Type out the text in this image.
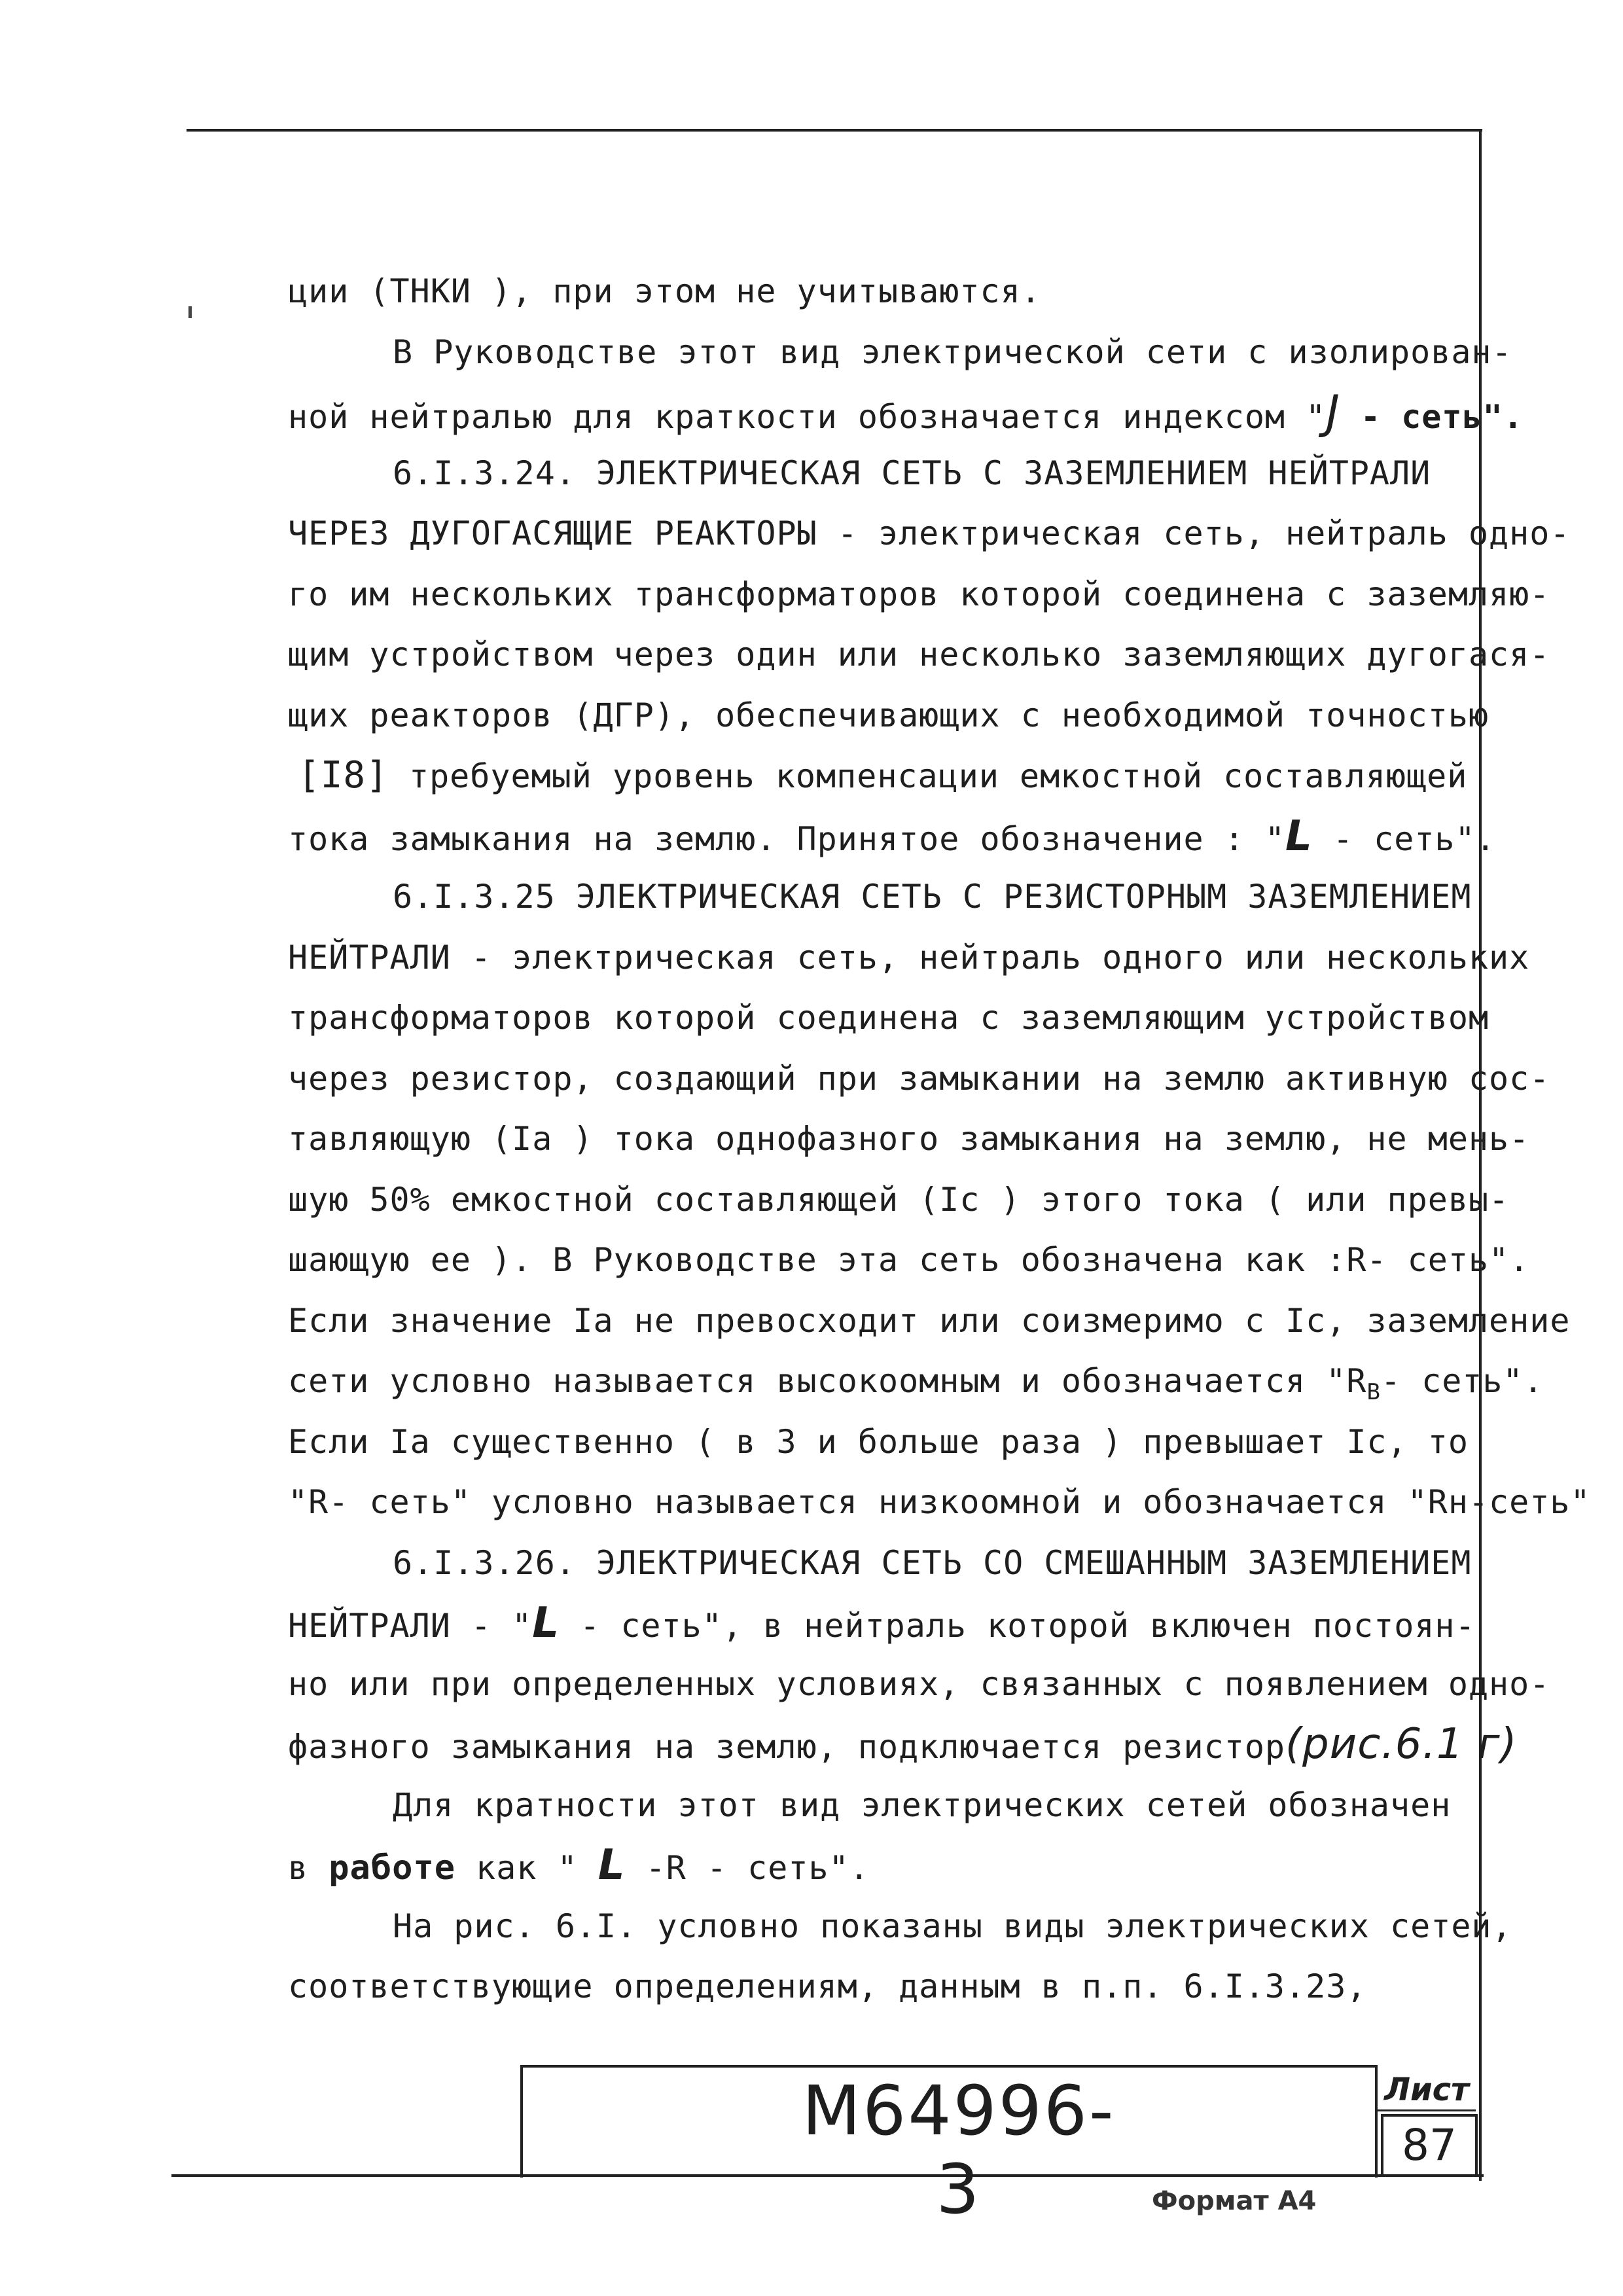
ции (ТНКИ ), при этом не учитываются.

В Руководстве этот вид электрической сети с изолирован-

ной нейтралью для краткости обозначается индексом "J - сеть".

6.I.3.24. ЭЛЕКТРИЧЕСКАЯ СЕТЬ С ЗАЗЕМЛЕНИЕМ НЕЙТРАЛИ

ЧЕРЕЗ ДУГОГАСЯЩИЕ РЕАКТОРЫ - электрическая сеть, нейтраль одно-

го им нескольких трансформаторов которой соединена с заземляю-

щим устройством через один или несколько заземляющих дугогася-

щих реакторов (ДГР), обеспечивающих с необходимой точностью

[I8] требуемый уровень компенсации емкостной составляющей

тока замыкания на землю. Принятое обозначение : "L - сеть".

6.I.3.25 ЭЛЕКТРИЧЕСКАЯ СЕТЬ С РЕЗИСТОРНЫМ ЗАЗЕМЛЕНИЕМ

НЕЙТРАЛИ - электрическая сеть, нейтраль одного или нескольких

трансформаторов которой соединена с заземляющим устройством

через резистор, создающий при замыкании на землю активную сос-

тавляющую (Iа ) тока однофазного замыкания на землю, не мень-

шую 50% емкостной составляющей (Iс ) этого тока ( или превы-

шающую ее ). В Руководстве эта сеть обозначена как :R- сеть".

Если значение Iа не превосходит или соизмеримо с Iс, заземление

сети условно называется высокоомным и обозначается "$R_В-$ сеть".

Если Iа существенно ( в 3 и больше раза ) превышает Iс, то

"R- сеть" условно называется низкоомной и обозначается "Rн-сеть"

6.I.3.26. ЭЛЕКТРИЧЕСКАЯ СЕТЬ СО СМЕШАННЫМ ЗАЗЕМЛЕНИЕМ

НЕЙТРАЛИ - "L - сеть", в нейтраль которой включен постоян-

но или при определенных условиях, связанных с появлением одно-

фазного замыкания на землю, подключается резистор(рис.6.1 г)

Для кратности этот вид электрических сетей обозначен

в работе как " L -R - сеть".

На рис. 6.I. условно показаны виды электрических сетей,

соответствующие определениям, данным в п.п. 6.I.3.23,

М64996-3
Лист
87
Формат А4
